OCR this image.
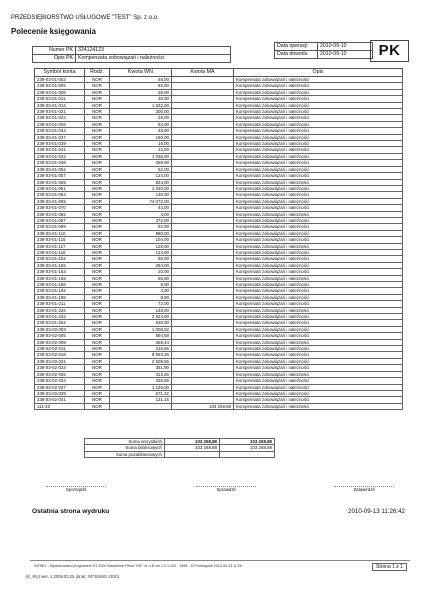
PRZEDSIĘBIORSTWO USŁUGOWE "TEST" Sp. z o.o.
Polecenie księgowania
Numer PK	324124123
Opis PK	Kompensata zobowiązań i należności
Data operacji	2010-09-10
Data dowodu	2010-09-10	PK
Symbol konta	Rodz.	Kwota WN	Kwota MA	Opis
239-03-01-003	NOR	46,00		Kompensata zobowiązań i należności
239-03-01-005	NOR	92,00		Kompensata zobowiązań i należności
239-03-01-006	NOR	28,00		Kompensata zobowiązań i należności
239-03-01-011	NOR	36,00		Kompensata zobowiązań i należności
239-03-01-013	NOR	1 632,00		Kompensata zobowiązań i należności
239-03-01-021	NOR	300,00		Kompensata zobowiązań i należności
239-03-01-024	NOR	28,00		Kompensata zobowiązań i należności
239-03-01-026	NOR	84,00		Kompensata zobowiązań i należności
239-03-01-034	NOR	48,00		Kompensata zobowiązań i należności
239-03-01-037	NOR	160,00		Kompensata zobowiązań i należności
239-03-01-039	NOR	16,00		Kompensata zobowiązań i należności
239-03-01-041	NOR	12,00		Kompensata zobowiązań i należności
239-03-01-042	NOR	1 036,00		Kompensata zobowiązań i należności
239-03-01-048	NOR	298,00		Kompensata zobowiązań i należności
239-03-01-052	NOR	52,00		Kompensata zobowiązań i należności
239-03-01-057	NOR	124,00		Kompensata zobowiązań i należności
239-03-01-059	NOR	824,00		Kompensata zobowiązań i należności
239-03-01-061	NOR	1 040,00		Kompensata zobowiązań i należności
239-03-01-064	NOR	136,00		Kompensata zobowiązań i należności
239-03-01-065	NOR	74 072,00		Kompensata zobowiązań i należności
239-03-01-070	NOR	44,00		Kompensata zobowiązań i należności
239-03-01-082	NOR	4,00		Kompensata zobowiązań i należności
239-03-01-087	NOR	372,00		Kompensata zobowiązań i należności
239-03-01-099	NOR	92,00		Kompensata zobowiązań i należności
239-03-01-110	NOR	980,00		Kompensata zobowiązań i należności
239-03-01-115	NOR	104,00		Kompensata zobowiązań i należności
239-03-01-117	NOR	128,00		Kompensata zobowiązań i należności
239-03-01-118	NOR	124,00		Kompensata zobowiązań i należności
239-03-01-152	NOR	56,00		Kompensata zobowiązań i należności
239-03-01-155	NOR	284,00		Kompensata zobowiązań i należności
239-03-01-163	NOR	20,00		Kompensata zobowiązań i należności
239-03-01-169	NOR	56,00		Kompensata zobowiązań i należności
239-03-01-186	NOR	8,00		Kompensata zobowiązań i należności
239-03-01-192	NOR	4,00		Kompensata zobowiązań i należności
239-03-01-195	NOR	8,00		Kompensata zobowiązań i należności
239-03-01-211	NOR	72,00		Kompensata zobowiązań i należności
239-03-01-226	NOR	148,00		Kompensata zobowiązań i należności
239-03-01-232	NOR	3 624,00		Kompensata zobowiązań i należności
239-03-01-252	NOR	636,00		Kompensata zobowiązań i należności
239-03-02-003	NOR	1 008,02		Kompensata zobowiązań i należności
239-03-02-005	NOR	894,59		Kompensata zobowiązań i należności
239-03-02-008	NOR	369,44		Kompensata zobowiązań i należności
239-03-02-011	NOR	216,66		Kompensata zobowiązań i należności
239-03-02-018	NOR	8 593,26		Kompensata zobowiązań i należności
239-03-02-021	NOR	2 508,55		Kompensata zobowiązań i należności
239-03-02-024	NOR	351,90		Kompensata zobowiązań i należności
239-03-02-026	NOR	313,26		Kompensata zobowiązań i należności
239-03-02-034	NOR	325,66		Kompensata zobowiązań i należności
239-03-02-037	NOR	1 126,00		Kompensata zobowiązań i należności
239-03-02-039	NOR	571,32		Kompensata zobowiązań i należności
239-03-02-041	NOR	131,15		Kompensata zobowiązań i należności
111-22	NOR		103 268,88	Kompensata zobowiązań i należności
Suma wszystkich	103 268,88	103 268,88
Suma bilansowych	103 268,88	103 268,88
Suma pozabilansowych		
Sporządził	Sprawdził	Zatwierdził
Ostatnia strona wydruku	2010-09-13 11:26:42
INFINIT - Wydrukowano programem KT 2000 Madeleine Firma "INF" nr u B ver 1.0.1.100 - 1898 - 10 Podregulat 2010-09-13 11:26	Strona 1 z 1
(K_RU) wer. 1.2008.03.25 (druk: INT.B4/Wz 2010)
